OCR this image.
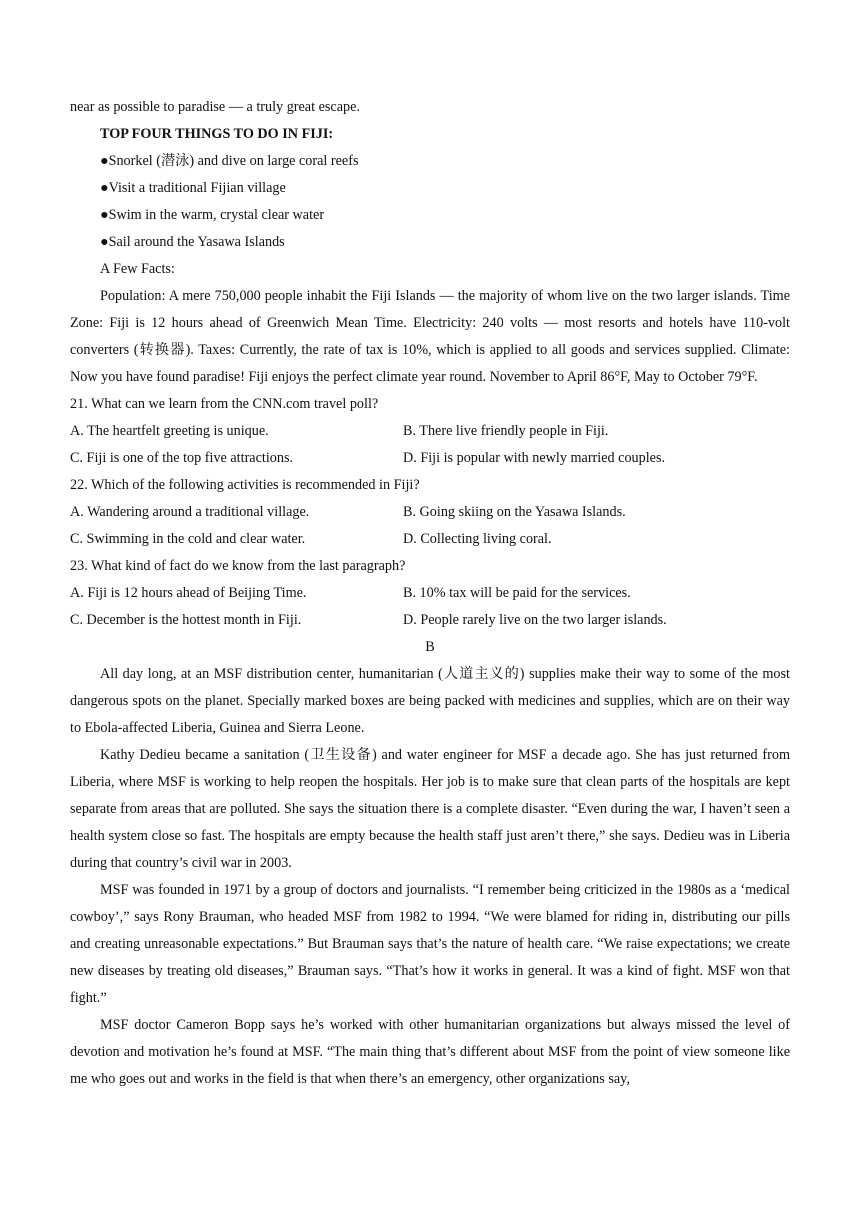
near as possible to paradise — a truly great escape.
TOP FOUR THINGS TO DO IN FIJI:
●Snorkel (潜泳) and dive on large coral reefs
●Visit a traditional Fijian village
●Swim in the warm, crystal clear water
●Sail around the Yasawa Islands
A Few Facts:
Population: A mere 750,000 people inhabit the Fiji Islands — the majority of whom live on the two larger islands. Time Zone: Fiji is 12 hours ahead of Greenwich Mean Time. Electricity: 240 volts — most resorts and hotels have 110-volt converters (转换器). Taxes: Currently, the rate of tax is 10%, which is applied to all goods and services supplied. Climate: Now you have found paradise! Fiji enjoys the perfect climate year round. November to April 86°F, May to October 79°F.
21. What can we learn from the CNN.com travel poll?
A. The heartfelt greeting is unique.	B. There live friendly people in Fiji.
C. Fiji is one of the top five attractions.	D. Fiji is popular with newly married couples.
22. Which of the following activities is recommended in Fiji?
A. Wandering around a traditional village.	B. Going skiing on the Yasawa Islands.
C. Swimming in the cold and clear water.	D. Collecting living coral.
23. What kind of fact do we know from the last paragraph?
A. Fiji is 12 hours ahead of Beijing Time.	B. 10% tax will be paid for the services.
C. December is the hottest month in Fiji.	D. People rarely live on the two larger islands.
B
All day long, at an MSF distribution center, humanitarian (人道主义的) supplies make their way to some of the most dangerous spots on the planet. Specially marked boxes are being packed with medicines and supplies, which are on their way to Ebola-affected Liberia, Guinea and Sierra Leone.
Kathy Dedieu became a sanitation (卫生设备) and water engineer for MSF a decade ago. She has just returned from Liberia, where MSF is working to help reopen the hospitals. Her job is to make sure that clean parts of the hospitals are kept separate from areas that are polluted. She says the situation there is a complete disaster. “Even during the war, I haven’t seen a health system close so fast. The hospitals are empty because the health staff just aren’t there,” she says. Dedieu was in Liberia during that country’s civil war in 2003.
MSF was founded in 1971 by a group of doctors and journalists. “I remember being criticized in the 1980s as a ‘medical cowboy’,” says Rony Brauman, who headed MSF from 1982 to 1994. “We were blamed for riding in, distributing our pills and creating unreasonable expectations.” But Brauman says that’s the nature of health care. “We raise expectations; we create new diseases by treating old diseases,” Brauman says. “That’s how it works in general. It was a kind of fight. MSF won that fight.”
MSF doctor Cameron Bopp says he’s worked with other humanitarian organizations but always missed the level of devotion and motivation he’s found at MSF. “The main thing that’s different about MSF from the point of view someone like me who goes out and works in the field is that when there’s an emergency, other organizations say,
